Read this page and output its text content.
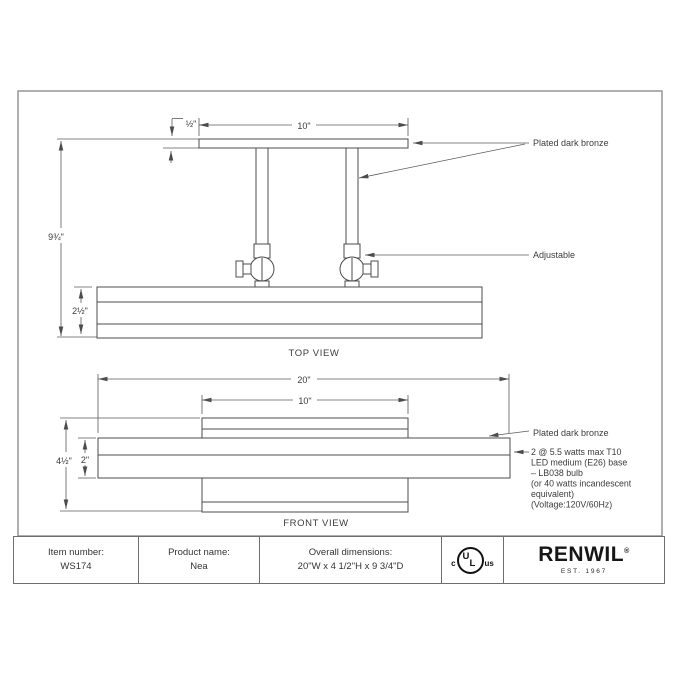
10"
½"
9¾"
2½"
Plated dark bronze
Adjustable
TOP VIEW
20"
10"
4½" 2"
Plated dark bronze
2 @ 5.5 watts max T10
LED medium (E26) base
– LB038 bulb
(or 40 watts incandescent
equivalent)
(Voltage:120V/60Hz)
FRONT VIEW
Item number:
WS174
Product name:
Nea
Overall dimensions:
20"W x 4 1/2"H x 9 3/4"D	c
U
L us RENWIL®
EST. 1967
